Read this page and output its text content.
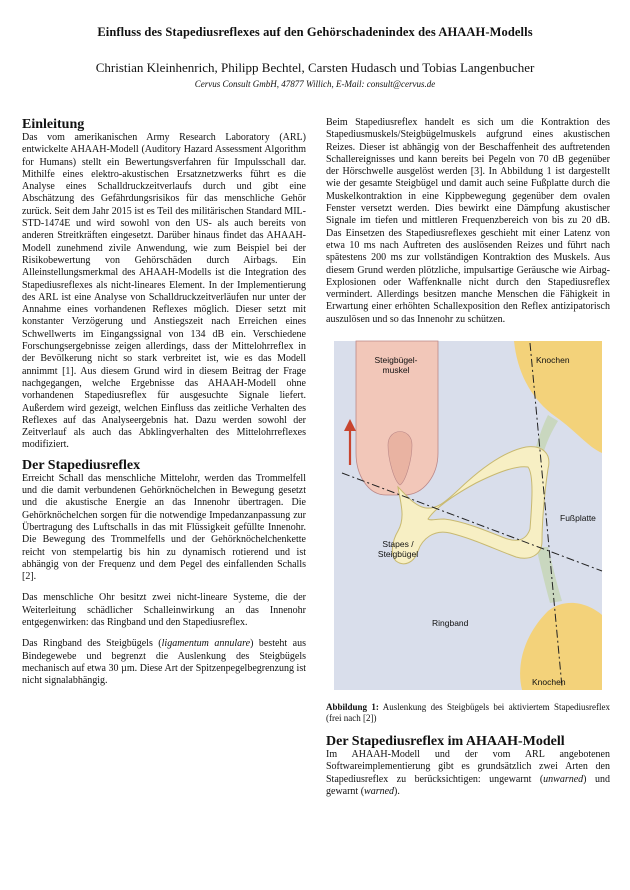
Einfluss des Stapediusreflexes auf den Gehörschadenindex des AHAAH-Modells
Christian Kleinhenrich, Philipp Bechtel, Carsten Hudasch und Tobias Langenbucher
Cervus Consult GmbH, 47877 Willich, E-Mail: consult@cervus.de
Einleitung

Das vom amerikanischen Army Research Laboratory (ARL) entwickelte AHAAH-Modell (Auditory Hazard Assessment Algorithm for Humans) stellt ein Bewertungsverfahren für Impulsschall dar. Mithilfe eines elektro-akustischen Ersatznetzwerks führt es die Analyse eines Schalldruckzeitverlaufs durch und gibt eine Abschätzung des Gefährdungsrisikos für das menschliche Gehör zurück. Seit dem Jahr 2015 ist es Teil des militärischen Standard MIL-STD-1474E und wird sowohl von den US- als auch bereits von anderen Streitkräften eingesetzt. Darüber hinaus findet das AHAAH-Modell zunehmend zivile Anwendung, wie zum Beispiel bei der Risikobewertung von Gehörschäden durch Airbags. Ein Alleinstellungsmerkmal des AHAAH-Modells ist die Integration des Stapediusreflexes als nicht-lineares Element. In der Implementierung des ARL ist eine Analyse von Schalldruckzeitverläufen nur unter der Annahme eines vorhandenen Reflexes möglich. Dieser setzt mit konstanter Verzögerung und Anstiegszeit nach Erreichen eines Schwellwerts im Eingangssignal von 134 dB ein. Verschiedene Forschungsergebnisse zeigen allerdings, dass der Mittelohrreflex in der Bevölkerung nicht so stark verbreitet ist, wie es das Modell annimmt [1]. Aus diesem Grund wird in diesem Beitrag der Frage nachgegangen, welche Ergebnisse das AHAAH-Modell ohne vorhandenen Stapediusreflex für ausgesuchte Signale liefert. Außerdem wird gezeigt, welchen Einfluss das zeitliche Verhalten des Reflexes auf das Analyseergebnis hat. Dazu werden sowohl der Zeitverlauf als auch das Abklingverhalten des Mittelohrreflexes modifiziert.

Der Stapediusreflex

Erreicht Schall das menschliche Mittelohr, werden das Trommelfell und die damit verbundenen Gehörknöchelchen in Bewegung gesetzt und die akustische Energie an das Innenohr übertragen. Die Gehörknöchelchen sorgen für die notwendige Impedanzanpassung zur Übertragung des Luftschalls in das mit Flüssigkeit gefüllte Innenohr. Die Bewegung des Trommelfells und der Gehörknöchelchenkette reicht von stempelartig bis hin zu dynamisch rotierend und ist abhängig von der Frequenz und dem Pegel des einfallenden Schalls [2].

Das menschliche Ohr besitzt zwei nicht-lineare Systeme, die der Weiterleitung schädlicher Schalleinwirkung an das Innenohr entgegenwirken: das Ringband und den Stapediusreflex.

Das Ringband des Steigbügels (ligamentum annulare) besteht aus Bindegewebe und begrenzt die Auslenkung des Steigbügels mechanisch auf etwa 30 µm. Diese Art der Spitzenpegelbegrenzung ist nicht signalabhängig.

Beim Stapediusreflex handelt es sich um die Kontraktion des Stapediusmuskels/Steigbügelmuskels aufgrund eines akustischen Reizes. Dieser ist abhängig von der Beschaffenheit des auftretenden Schallereignisses und kann bereits bei Pegeln von 70 dB gegenüber der Hörschwelle ausgelöst werden [3]. In Abbildung 1 ist dargestellt wie der gesamte Steigbügel und damit auch seine Fußplatte durch die Muskelkontraktion in eine Kippbewegung gegenüber dem ovalen Fenster versetzt werden. Dies bewirkt eine Dämpfung akustischer Signale im tiefen und mittleren Frequenzbereich von bis zu 20 dB. Das Einsetzen des Stapediusreflexes geschieht mit einer Latenz von etwa 10 ms nach Auftreten des auslösenden Reizes und führt nach spätestens 200 ms zur vollständigen Kontraktion des Muskels. Aus diesem Grund werden plötzliche, impulsartige Geräusche wie Airbag-Explosionen oder Waffenknalle nicht durch den Stapediusreflex vermindert. Allerdings besitzen manche Menschen die Fähigkeit in Erwartung einer erhöhten Schallexposition den Reflex antizipatorisch auszulösen und so das Innenohr zu schützen.

Steigbügel-
muskel
Knochen
Fußplatte
Stapes /
Steigbügel
Ringband
Knochen
Abbildung 1: Auslenkung des Steigbügels bei aktiviertem Stapediusreflex (frei nach [2])
Der Stapediusreflex im AHAAH-Modell

Im AHAAH-Modell und der vom ARL angebotenen Softwareimplementierung gibt es grundsätzlich zwei Arten den Stapediusreflex zu berücksichtigen: ungewarnt (unwarned) und gewarnt (warned).
